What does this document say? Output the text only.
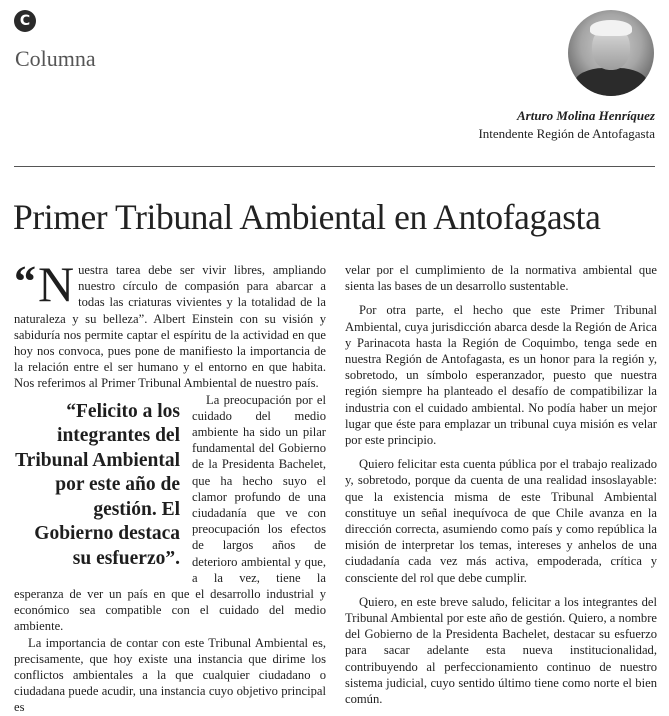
C
Columna
Arturo Molina Henríquez
Intendente Región de Antofagasta
Primer Tribunal Ambiental en Antofagasta

“ N uestra tarea debe ser vivir libres, ampliando nuestro círculo de compasión para abarcar a todas las criaturas vivientes y la totalidad de la naturaleza y su belleza”. Albert Einstein con su visión y sabiduría nos permite captar el espíritu de la actividad en que hoy nos convoca, pues pone de manifiesto la importancia de la relación entre el ser humano y el entorno en que habita. Nos referimos al Primer Tribunal Ambiental de nuestro país.

“Felicito a los integrantes del Tribunal Ambiental por este año de gestión. El Gobierno destaca su esfuerzo”.

La preocupación por el cuidado del medio ambiente ha sido un pilar fundamental del Gobierno de la Presidenta Bachelet, que ha hecho suyo el clamor profundo de una ciudadanía que ve con preocupación los efectos de largos años de deterioro ambiental y que, a la vez, tiene la esperanza de ver un país en que el desarrollo industrial y económico sea compatible con el cuidado del medio ambiente.

La importancia de contar con este Tribunal Ambiental es, precisamente, que hoy existe una instancia que dirime los conflictos ambientales a la que cualquier ciudadano o ciudadana puede acudir, una instancia cuyo objetivo principal es

velar por el cumplimiento de la normativa ambiental que sienta las bases de un desarrollo sustentable.

Por otra parte, el hecho que este Primer Tribunal Ambiental, cuya jurisdicción abarca desde la Región de Arica y Parinacota hasta la Región de Coquimbo, tenga sede en nuestra Región de Antofagasta, es un honor para la región y, sobretodo, un símbolo esperanzador, puesto que nuestra región siempre ha planteado el desafío de compatibilizar la industria con el cuidado ambiental. No podía haber un mejor lugar que éste para emplazar un tribunal cuya misión es velar por este principio.

Quiero felicitar esta cuenta pública por el trabajo realizado y, sobretodo, porque da cuenta de una realidad insoslayable: que la existencia misma de este Tribunal Ambiental constituye un señal inequívoca de que Chile avanza en la dirección correcta, asumiendo como país y como república la misión de interpretar los temas, intereses y anhelos de una ciudadanía cada vez más activa, empoderada, crítica y consciente del rol que debe cumplir.

Quiero, en este breve saludo, felicitar a los integrantes del Tribunal Ambiental por este año de gestión. Quiero, a nombre del Gobierno de la Presidenta Bachelet, destacar su esfuerzo para sacar adelante esta nueva institucionalidad, contribuyendo al perfeccionamiento continuo de nuestro sistema judicial, cuyo sentido último tiene como norte el bien común.
